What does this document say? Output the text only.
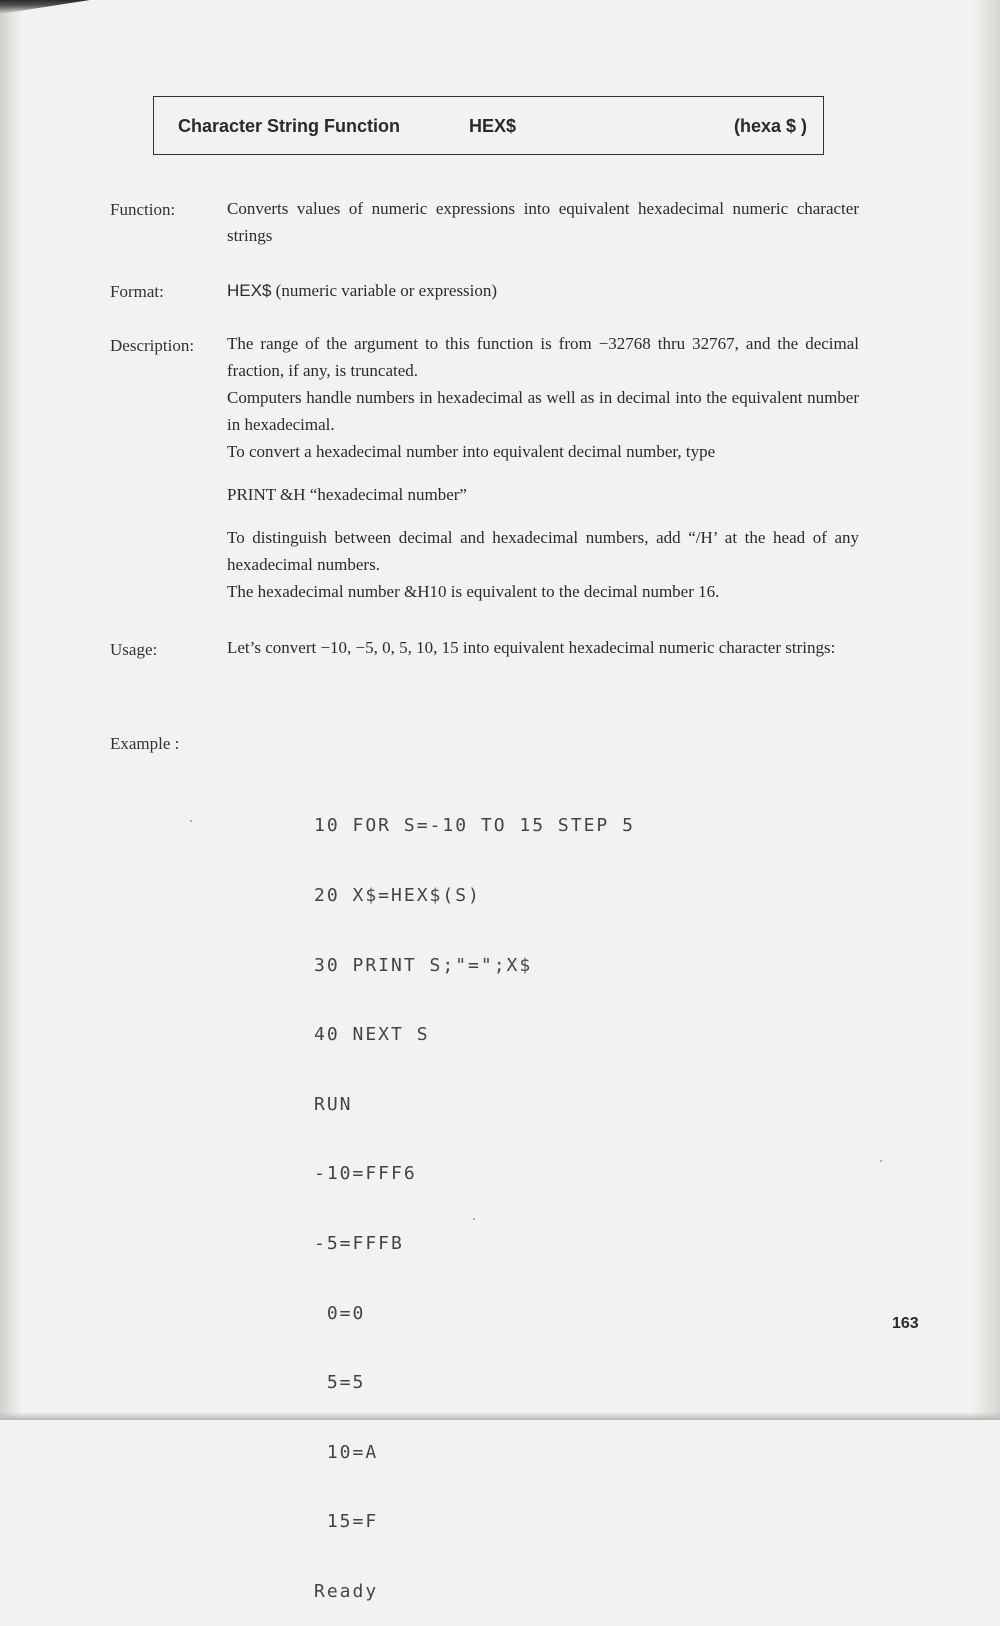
Character String Function	HEX$	(hexa $ )
Function:	Converts values of numeric expressions into equivalent hexadecimal numeric character strings
Format:	HEX$ (numeric variable or expression)
Description: The range of the argument to this function is from −32768 thru 32767, and the decimal fraction, if any, is truncated.

Computers handle numbers in hexadecimal as well as in decimal into the equivalent number in hexadecimal.

To convert a hexadecimal number into equivalent decimal number, type

PRINT &H “hexadecimal number”

To distinguish between decimal and hexadecimal numbers, add “/H’ at the head of any hexadecimal numbers.

The hexadecimal number &H10 is equivalent to the decimal number 16.

Usage:	Let’s convert −10, −5, 0, 5, 10, 15 into equivalent hexadecimal numeric character strings:
Example :

10 FOR S=-10 TO 15 STEP 5

20 X$=HEX$(S)

30 PRINT S;"=";X$

40 NEXT S

RUN

-10=FFF6

-5=FFFB

0=0

5=5

10=A

15=F

Ready

163
